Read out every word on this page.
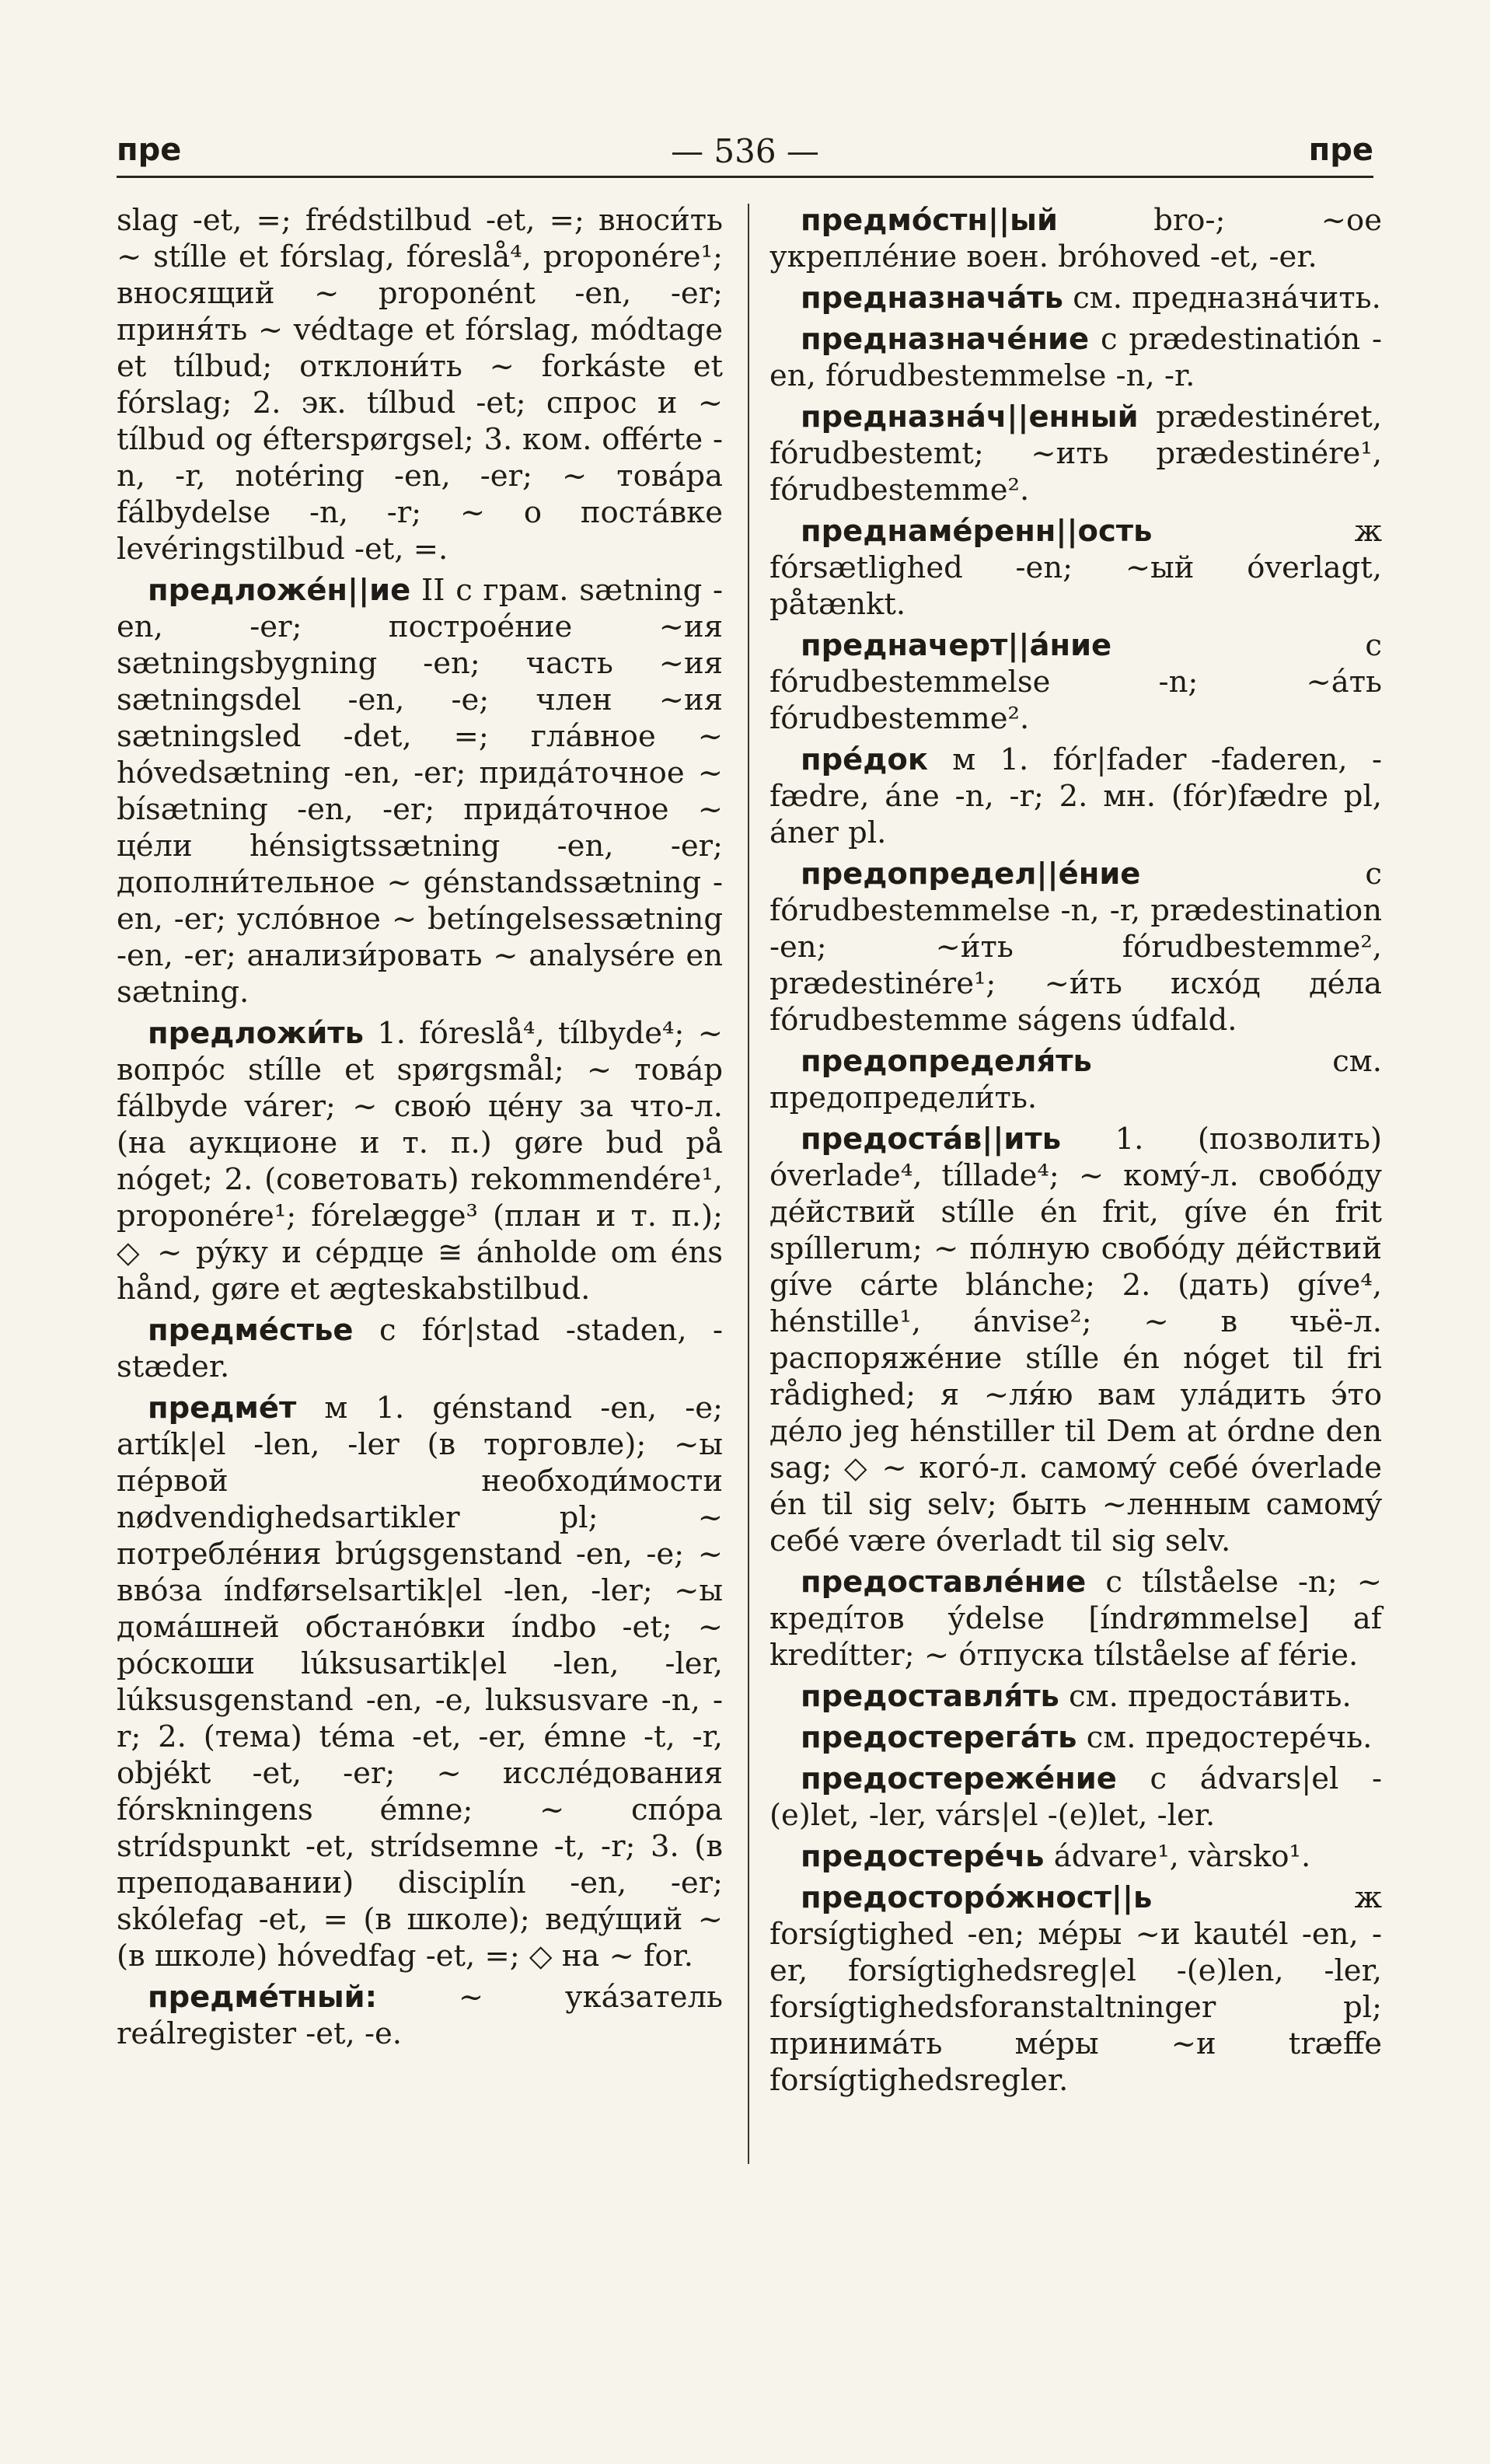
пре	— 536 —	пре

slag -et, =; frédstilbud -et, =; вноси́ть ~ stílle et fórslag, fóreslå⁴, proponére¹; вносящий ~ proponént -en, -er; приня́ть ~ védtage et fórslag, módtage et tílbud; отклони́ть ~ forkáste et fórslag; 2. эк. tílbud -et; спрос и ~ tílbud og éfterspørgsel; 3. ком. offérte -n, -r, notéring -en, -er; ~ товáра fálbydelse -n, -r; ~ о постáвке levéringstilbud -et, =.

предложéн||ие II с грам. sætning -en, -er; построéние ~ия sætningsbygning -en; часть ~ия sætningsdel -en, -e; член ~ия sætningsled -det, =; глáвное ~ hóvedsætning -en, -er; придáточное ~ bísætning -en, -er; придáточное ~ цéли hénsigtssætning -en, -er; дополни́тельное ~ génstandssætning -en, -er; услóвное ~ betíngelsessætning -en, -er; анализи́ровать ~ analysére en sætning.

предложи́ть 1. fóreslå⁴, tílbyde⁴; ~ вопрóс stílle et spørgsmål; ~ товáр fálbyde várer; ~ свою́ цéну за что-л. (на аукционе и т. п.) gøre bud på nóget; 2. (советовать) rekommendére¹, proponére¹; fórelægge³ (план и т. п.); ◇ ~ рýку и сéрдце ≅ ánholde om éns hånd, gøre et ægteskabstilbud.

предмéстье с fór|stad -staden, -stæder.

предмéт м 1. génstand -en, -e; artík|el -len, -ler (в торговле); ~ы пéрвой необходи́мости nødvendighedsartikler pl; ~ потреблéния brúgsgenstand -en, -e; ~ ввóза índførselsartik|el -len, -ler; ~ы домáшней обстанóвки índbo -et; ~ рóскоши lúksusartik|el -len, -ler, lúksusgenstand -en, -e, luksusvare -n, -r; 2. (тема) téma -et, -er, émne -t, -r, objékt -et, -er; ~ исслéдования fórskningens émne; ~ спóра strídspunkt -et, strídsemne -t, -r; 3. (в преподавании) disciplín -en, -er; skólefag -et, = (в школе); ведýщий ~ (в школе) hóvedfag -et, =; ◇ на ~ for.

предмéтный: ~ укáзатель reálregister -et, -e.

предмóстн||ый bro-; ~ое укреплéние воен. bróhoved -et, -er.

предназначáть см. предназнáчить.

предназначéние с prædestinatión -en, fórudbestemmelse -n, -r.

предназнáч||енный prædestinéret, fórudbestemt; ~ить prædestinére¹, fórudbestemme².

преднамéренн||ость ж fórsætlighed -en; ~ый óverlagt, påtænkt.

предначерт||áние с fórudbestemmelse -n; ~áть fórudbestemme².

прéдок м 1. fór|fader -faderen, -fædre, áne -n, -r; 2. мн. (fór)fædre pl, áner pl.

предопредел||éние с fórudbestemmelse -n, -r, prædestination -en; ~и́ть fórudbestemme², prædestinére¹; ~и́ть исхóд дéла fórudbestemme ságens údfald.

предопределя́ть см. предопредели́ть.

предостáв||ить 1. (позволить) óverlade⁴, tíllade⁴; ~ комý-л. свобóду дéйствий stílle én frit, gíve én frit spíllerum; ~ пóлную свобóду дéйствий gíve cárte blánche; 2. (дать) gíve⁴, hénstille¹, ánvise²; ~ в чьё-л. распоряжéние stílle én nóget til fri rådighed; я ~ля́ю вам улáдить э́то дéло jeg hénstiller til Dem at órdne den sag; ◇ ~ когó-л. самомý себé óverlade én til sig selv; быть ~ленным самомý себé være óverladt til sig selv.

предоставлéние с tílståelse -n; ~ кредíтов ýdelse [índrømmelse] af kredítter; ~ óтпуска tílståelse af férie.

предоставля́ть см. предостáвить.

предостерегáть см. предостерéчь.

предостережéние с ádvars|el -(e)let, -ler, várs|el -(e)let, -ler.

предостерéчь ádvare¹, vàrsko¹.

предосторóжност||ь ж forsígtighed -en; мéры ~и kautél -en, -er, forsígtighedsreg|el -(e)len, -ler, forsígtighedsforanstaltninger pl; принимáть мéры ~и træffe forsígtighedsregler.
